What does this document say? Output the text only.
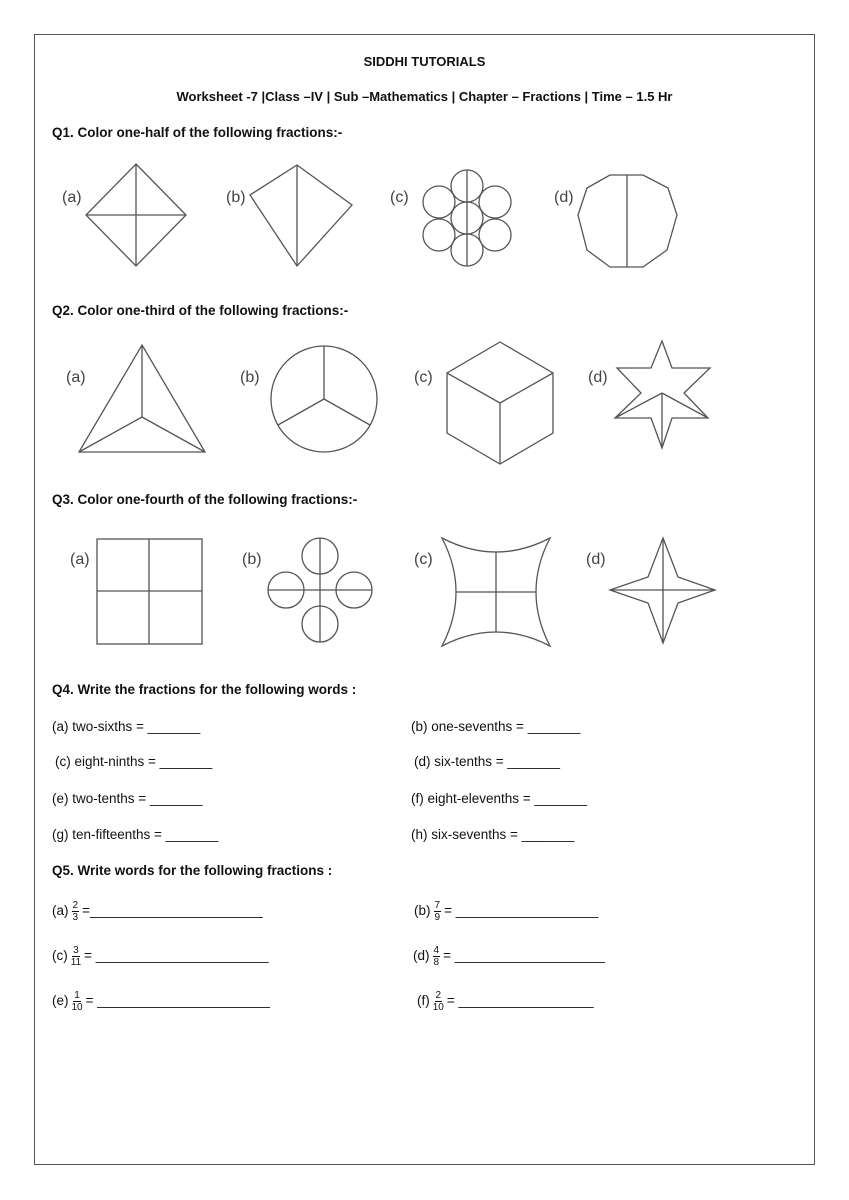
SIDDHI TUTORIALS
Worksheet -7 |Class –IV | Sub –Mathematics | Chapter – Fractions | Time – 1.5 Hr
Q1. Color one-half of the following fractions:-
(a)	(b)	(c)	(d)
Q2. Color one-third of the following fractions:-
(a)	(b)	(c)	(d)
Q3. Color one-fourth of the following fractions:-
(a)	(b)	(c)	(d)
Q4. Write the fractions for the following words :
(a) two-sixths = _______	(b) one-sevenths = _______
(c) eight-ninths = _______	(d) six-tenths = _______
(e) two-tenths = _______	(f) eight-elevenths = _______
(g) ten-fifteenths = _______	(h) six-sevenths = _______
Q5. Write words for the following fractions :
$(a) \frac{2}{3}$ =_______________________	$(b) \frac{7}{9}$ = ___________________
$(c) \frac{3}{11}$ = _______________________	$(d) \frac{4}{8}$ = ____________________
$(e) \frac{1}{10}$ = _______________________	$(f) \frac{2}{10}$ = __________________
